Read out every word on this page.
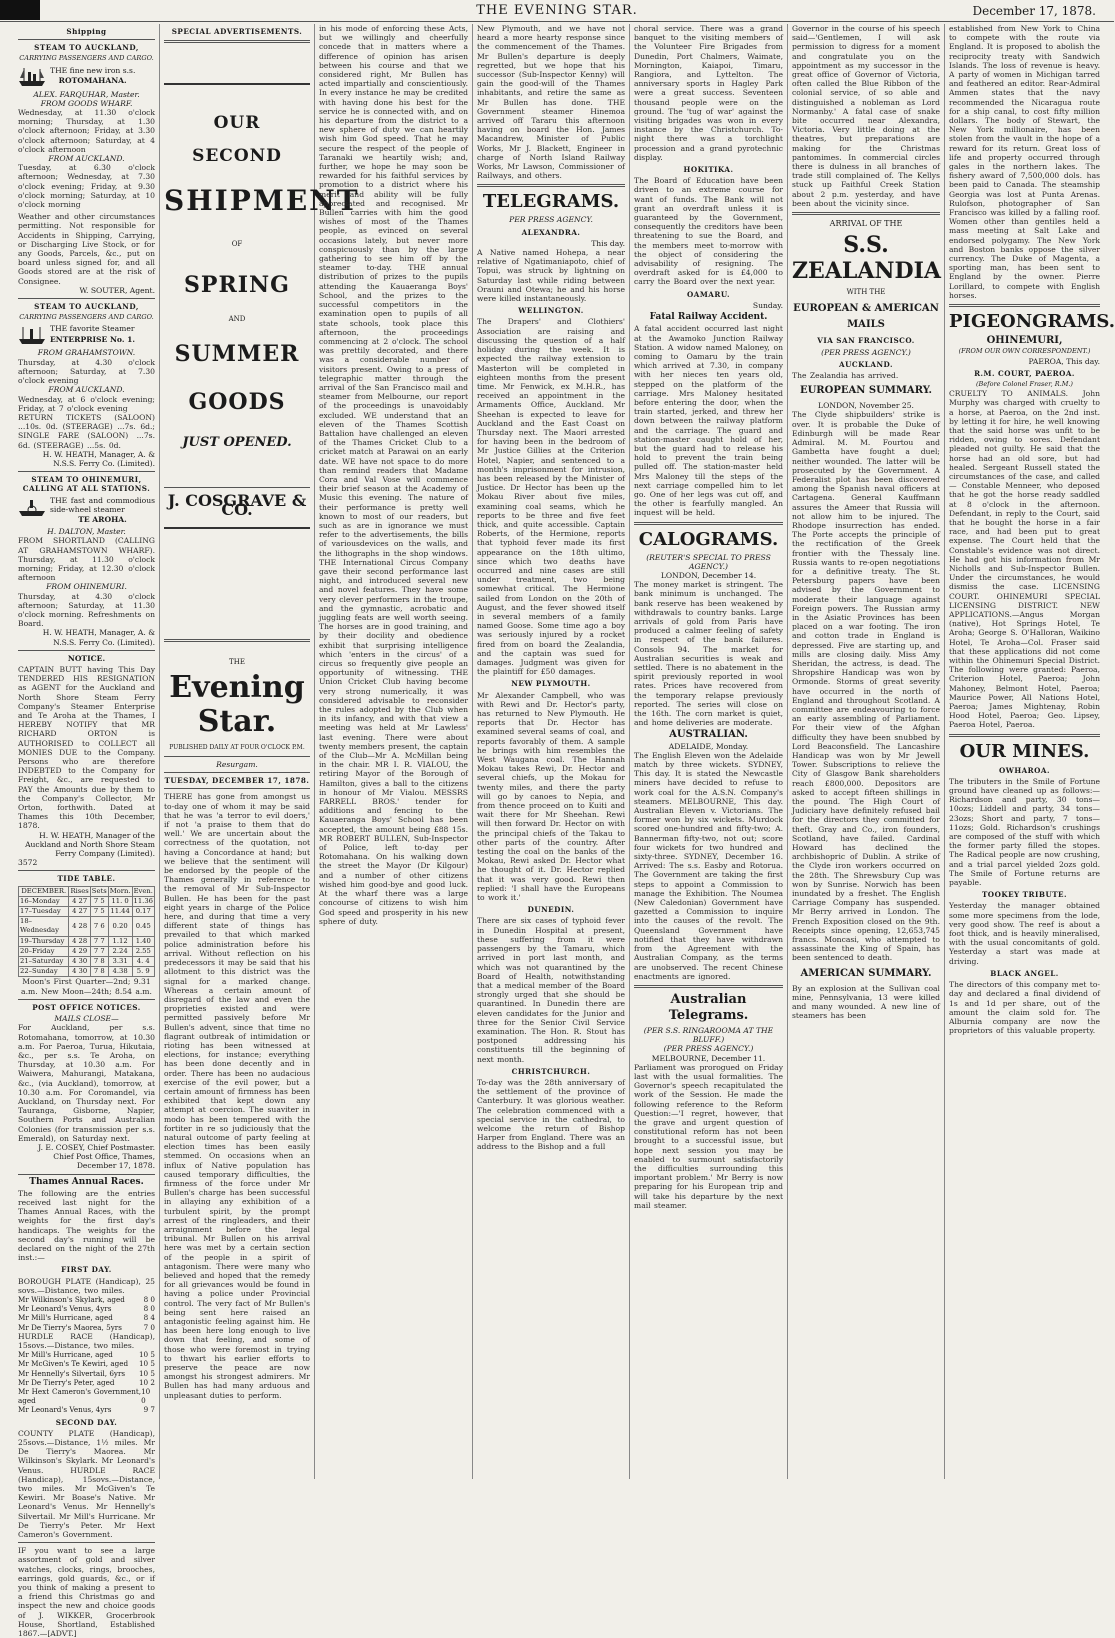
THE EVENING STAR.	December 17, 1878.
Shipping
STEAM TO AUCKLAND,
CARRYING PASSENGERS AND CARGO.
THE fine new iron s.s.
ROTOMAHANA.
ALEX. FARQUHAR, Master.
FROM GOODS WHARF.
Wednesday, at 11.30 o'clock morning; Thursday, at 1.30 o'clock afternoon; Friday, at 3.30 o'clock afternoon; Saturday, at 4 o'clock afternoon
FROM AUCKLAND.
Tuesday, at 6.30 o'clock afternoon; Wednesday, at 7.30 o'clock evening; Friday, at 9.30 o'clock morning; Saturday, at 10 o'clock morning
Weather and other circumstances permitting. Not responsible for Accidents in Shipping, Carrying, or Discharging Live Stock, or for any Goods, Parcels, &c., put on board unless signed for, and all Goods stored are at the risk of Consignee.
W. SOUTER, Agent.
STEAM TO AUCKLAND,
CARRYING PASSENGERS AND CARGO.
THE favorite Steamer
ENTERPRISE No. 1.
FROM GRAHAMSTOWN.
Thursday, at 4.30 o'clock afternoon; Saturday, at 7.30 o'clock evening
FROM AUCKLAND.
Wednesday, at 6 o'clock evening; Friday, at 7 o'clock evening
RETURN TICKETS (SALOON) ...10s. 0d. (STEERAGE) ...7s. 6d.; SINGLE FARE (SALOON) ...7s. 6d. (STEERAGE) ...5s. 0d.
H. W. HEATH, Manager, A. & N.S.S. Ferry Co. (Limited).
STEAM TO OHINEMURI, CALLING AT ALL STATIONS.
THE fast and commodious side-wheel steamer
TE AROHA.
H. DALTON, Master.
FROM SHORTLAND (CALLING AT GRAHAMSTOWN WHARF). Thursday, at 11.30 o'clock morning; Friday, at 12.30 o'clock afternoon
FROM OHINEMURI.
Thursday, at 4.30 o'clock afternoon; Saturday, at 11.30 o'clock morning. Refreshments on Board.
H. W. HEATH, Manager, A. & N.S.S. Ferry Co. (Limited).
NOTICE.
CAPTAIN BUTT having This Day TENDERED HIS RESIGNATION as AGENT for the Auckland and North Shore Steam Ferry Company's Steamer Enterprise and Te Aroha at the Thames, I HEREBY NOTIFY that MR RICHARD ORTON is AUTHORISED to COLLECT all MONIES DUE to the Company. Persons who are therefore INDEBTED to the Company for Freight, &c., are requested to PAY the Amounts due by them to the Company's Collector, Mr Orton, forthwith. Dated at Thames this 10th December, 1878.
H. W. HEATH, Manager of the Auckland and North Shore Steam Ferry Company (Limited).
3572
TIDE TABLE.
DECEMBER.	Rises	Sets	Morn.	Even.
16–Monday	4 27	7 5	11. 0	11.36
17–Tuesday	4 27	7 5	11.44	0.17
18–Wednesday	4 28	7 6	0.20	0.45
19–Thursday	4 28	7 7	1.12	1.40
20–Friday	4 29	7 7	2.24	2.55
21–Saturday	4 30	7 8	3.31	4. 4
22–Sunday	4 30	7 8	4.38	5. 9
Moon's First Quarter—2nd; 9.31 a.m. New Moon—24th; 8.54 a.m.
POST OFFICE NOTICES.
MAILS CLOSE—
For Auckland, per s.s. Rotomahana, tomorrow, at 10.30 a.m. For Paeroa, Turua, Hikutaia, &c., per s.s. Te Aroha, on Thursday, at 10.30 a.m. For Waiwera, Mahurangi, Matakana, &c., (via Auckland), tomorrow, at 10.30 a.m. For Coromandel, via Auckland, on Thursday next. For Tauranga, Gisborne, Napier, Southern Ports and Australian Colonies (for transmission per s.s. Emerald), on Saturday next.
J. E. COSEY, Chief Postmaster. Chief Post Office, Thames, December 17, 1878.
Thames Annual Races.
The following are the entries received last night for the Thames Annual Races, with the weights for the first day's handicaps. The weights for the second day's running will be declared on the night of the 27th inst.:—
FIRST DAY.
BOROUGH PLATE (Handicap), 25 sovs.—Distance, two miles.
Mr Wilkinson's Skylark, aged	8 0
Mr Leonard's Venus, 4yrs	8 0
Mr Mill's Hurricane, aged	8 4
Mr De Tierry's Maorea, 5yrs	7 0
HURDLE RACE (Handicap), 15sovs.—Distance, two miles.
Mr Mill's Hurricane, aged	10 5
Mr McGiven's Te Kewiri, aged 10 5
Mr Hennelly's Silvertail, 6yrs 10 5
Mr De Tierry's Peter, aged	10 2
Mr Hext Cameron's Government, aged
10 0
Mr Leonard's Venus, 4yrs	9 7
SECOND DAY.
COUNTY PLATE (Handicap), 25sovs.—Distance, 1½ miles. Mr De Tierry's Maorea. Mr Wilkinson's Skylark. Mr Leonard's Venus. HURDLE RACE (Handicap), 15sovs.—Distance, two miles. Mr McGiven's Te Kewiri. Mr Boase's Native. Mr Leonard's Venus. Mr Hennelly's Silvertail. Mr Mill's Hurricane. Mr De Tierry's Peter. Mr Hext Cameron's Government.
IF you want to see a large assortment of gold and silver watches, clocks, rings, brooches, earrings, gold guards, &c., or if you think of making a present to a friend this Christmas go and inspect the new and choice goods of J. WIKKER, Grocerbrook House, Shortland, Established 1867.—[ADVT.]
SPECIAL ADVERTISEMENTS.
OUR
SECOND
SHIPMENT
OF
SPRING
AND
SUMMER
GOODS
JUST OPENED.
J. COSGRAVE & CO.
THE
Evening Star.
PUBLISHED DAILY AT FOUR O'CLOCK P.M.
Resurgam.
TUESDAY, DECEMBER 17, 1878.
THERE has gone from amongst us to-day one of whom it may be said that he was 'a terror to evil doers,' if not 'a praise to them that do well.' We are uncertain about the correctness of the quotation, not having a Concordance at hand; but we believe that the sentiment will be endorsed by the people of the Thames generally in reference to the removal of Mr Sub-Inspector Bullen. He has been for the past eight years in charge of the Police here, and during that time a very different state of things has prevailed to that which marked police administration before his arrival. Without reflection on his predecessors it may be said that his allotment to this district was the signal for a marked change. Whereas a certain amount of disregard of the law and even the proprieties existed and were permitted passively before Mr Bullen's advent, since that time no flagrant outbreak of intimidation or rioting has been witnessed at elections, for instance; everything has been done decently and in order. There has been no audacious exercise of the evil power, but a certain amount of firmness has been exhibited that kept down any attempt at coercion. The suaviter in modo has been tempered with the fortiter in re so judiciously that the natural outcome of party feeling at election times has been easily stemmed. On occasions when an influx of Native population has caused temporary difficulties, the firmness of the force under Mr Bullen's charge has been successful in allaying any exhibition of a turbulent spirit, by the prompt arrest of the ringleaders, and their arraignment before the legal tribunal. Mr Bullen on his arrival here was met by a certain section of the people in a spirit of antagonism. There were many who believed and hoped that the remedy for all grievances would be found in having a police under Provincial control. The very fact of Mr Bullen's being sent here raised an antagonistic feeling against him. He has been here long enough to live down that feeling, and some of those who were foremost in trying to thwart his earlier efforts to preserve the peace are now amongst his strongest admirers. Mr Bullen has had many arduous and unpleasant duties to perform.
in his mode of enforcing these Acts, but we willingly and cheerfully concede that in matters where a difference of opinion has arisen between his course and that we considered right, Mr Bullen has acted impartially and conscientiously. In every instance he may be credited with having done his best for the service he is connected with, and on his departure from the district to a new sphere of duty we can heartily wish him God speed. That he may secure the respect of the people of Taranaki we heartily wish; and, further, we hope he may soon be rewarded for his faithful services by promotion to a district where his merit and ability will be fully appreciated and recognised. Mr Bullen carries with him the good wishes of most of the Thames people, as evinced on several occasions lately, but never more conspicuously than by the large gathering to see him off by the steamer to-day. THE annual distribution of prizes to the pupils attending the Kauaeranga Boys' School, and the prizes to the successful competitors in the examination open to pupils of all state schools, took place this afternoon, the proceedings commencing at 2 o'clock. The school was prettily decorated, and there was a considerable number of visitors present. Owing to a press of telegraphic matter through the arrival of the San Francisco mail and steamer from Melbourne, our report of the proceedings is unavoidably excluded. WE understand that an eleven of the Thames Scottish Battalion have challenged an eleven of the Thames Cricket Club to a cricket match at Parawai on an early date. WE have not space to do more than remind readers that Madame Cora and Val Vose will commence their brief season at the Academy of Music this evening. The nature of their performance is pretty well known to most of our readers, but such as are in ignorance we must refer to the advertisements, the bills of variousdevices on the walls, and the lithographs in the shop windows. THE International Circus Company gave their second performance last night, and introduced several new and novel features. They have some very clever performers in the troupe, and the gymnastic, acrobatic and juggling feats are well worth seeing. The horses are in good training, and by their docility and obedience exhibit that surprising intelligence which 'enters in the circus' of a circus so frequently give people an opportunity of witnessing. THE Union Cricket Club having become very strong numerically, it was considered advisable to reconsider the rules adopted by the Club when in its infancy, and with that view a meeting was held at Mr Lawless' last evening. There were about twenty members present, the captain of the Club—Mr A. McMillan being in the chair. MR I. R. VIALOU, the retiring Mayor of the Borough of Hamilton, gives a ball to the citizens in honour of Mr Vialou. MESSRS FARRELL BROS.' tender for additions and fencing to the Kauaeranga Boys' School has been accepted, the amount being £88 15s. MR ROBERT BULLEN, Sub-Inspector of Police, left to-day per Rotomahana. On his walking down the street the Mayor (Dr Kilgour) and a number of other citizens wished him good-bye and good luck. At the wharf there was a large concourse of citizens to wish him God speed and prosperity in his new sphere of duty.
New Plymouth, and we have not heard a more hearty response since the commencement of the Thames. Mr Bullen's departure is deeply regretted, but we hope that his successor (Sub-Inspector Kenny) will gain the good-will of the Thames inhabitants, and retire the same as Mr Bullen has done. THE Government steamer Hinemoa arrived off Tararu this afternoon having on board the Hon. James Macandrew, Minister of Public Works, Mr J. Blackett, Engineer in charge of North Island Railway Works, Mr Lawson, Commissioner of Railways, and others.
TELEGRAMS.
PER PRESS AGENCY.
ALEXANDRA.
This day.
A Native named Hohepa, a near relative of Ngatimaniapoto, chief of Topui, was struck by lightning on Saturday last while riding between Orauni and Otewa; he and his horse were killed instantaneously.
WELLINGTON.
The Drapers' and Clothiers' Association are raising and discussing the question of a half holiday during the week. It is expected the railway extension to Masterton will be completed in eighteen months from the present time. Mr Fenwick, ex M.H.R., has received an appointment in the Armaments Office, Auckland. Mr Sheehan is expected to leave for Auckland and the East Coast on Thursday next. The Maori arrested for having been in the bedroom of Mr Justice Gillies at the Criterion Hotel, Napier, and sentenced to a month's imprisonment for intrusion, has been released by the Minister of Justice. Dr Hector has been up the Mokau River about five miles, examining coal seams, which he reports to be three and five feet thick, and quite accessible. Captain Roberts, of the Hermione, reports that typhoid fever made its first appearance on the 18th ultimo, since which two deaths have occurred and nine cases are still under treatment, two being somewhat critical. The Hermione sailed from London on the 20th of August, and the fever showed itself in several members of a family named Goose. Some time ago a boy was seriously injured by a rocket fired from on board the Zealandia, and the captain was sued for damages. Judgment was given for the plaintiff for £50 damages.
NEW PLYMOUTH.
Mr Alexander Campbell, who was with Rewi and Dr. Hector's party, has returned to New Plymouth. He reports that Dr. Hector has examined several seams of coal, and reports favorably of them. A sample he brings with him resembles the West Waugana coal. The Hannah Mokau takes Rewi, Dr. Hector and several chiefs, up the Mokau for twenty miles, and there the party will go by canoes to Nepia, and from thence proceed on to Kuiti and wait there for Mr Sheehan. Rewi will then forward Dr. Hector on with the principal chiefs of the Takau to other parts of the country. After testing the coal on the banks of the Mokau, Rewi asked Dr. Hector what he thought of it. Dr. Hector replied that it was very good. Rewi then replied: 'I shall have the Europeans to work it.'
DUNEDIN.
There are six cases of typhoid fever in Dunedin Hospital at present, these suffering from it were passengers by the Tamaru, which arrived in port last month, and which was not quarantined by the Board of Health, notwithstanding that a medical member of the Board strongly urged that she should be quarantined. In Dunedin there are eleven candidates for the Junior and three for the Senior Civil Service examination. The Hon. R. Stout has postponed addressing his constituents till the beginning of next month.
CHRISTCHURCH.
To-day was the 28th anniversary of the settlement of the province of Canterbury. It was glorious weather. The celebration commenced with a special service in the cathedral, to welcome the return of Bishop Harper from England. There was an address to the Bishop and a full
choral service. There was a grand banquet to the visiting members of the Volunteer Fire Brigades from Dunedin, Port Chalmers, Waimate, Mornington, Kaiapoi, Timaru, Rangiora, and Lyttelton. The anniversary sports in Hagley Park were a great success. Seventeen thousand people were on the ground. The 'tug of war' against the visiting brigades was won in every instance by the Christchurch. To-night there was a torchlight procession and a grand pyrotechnic display.
HOKITIKA.
The Board of Education have been driven to an extreme course for want of funds. The Bank will not grant an overdraft unless it is guaranteed by the Government, consequently the creditors have been threatening to sue the Board, and the members meet to-morrow with the object of considering the advisability of resigning. The overdraft asked for is £4,000 to carry the Board over the next year.
OAMARU.
Sunday.
Fatal Railway Accident.
A fatal accident occurred last night at the Awamoko Junction Railway Station. A widow named Maloney, on coming to Oamaru by the train which arrived at 7.30, in company with her nieces ten years old, stepped on the platform of the carriage. Mrs Maloney hesitated before entering the door, when the train started, jerked, and threw her down between the railway platform and the carriage. The guard and station-master caught hold of her, but the guard had to release his hold to prevent the train being pulled off. The station-master held Mrs Maloney till the steps of the next carriage compelled him to let go. One of her legs was cut off, and the other is fearfully mangled. An inquest will be held.
CALOGRAMS.
(REUTER'S SPECIAL TO PRESS AGENCY.)
LONDON, December 14.
The money market is stringent. The bank minimum is unchanged. The bank reserve has been weakened by withdrawals to country banks. Large arrivals of gold from Paris have produced a calmer feeling of safety in respect of the bank failures. Consols 94. The market for Australian securities is weak and settled. There is no abatement in the spirit previously reported in wool rates. Prices have recovered from the temporary relapse previously reported. The series will close on the 16th. The corn market is quiet, and home deliveries are moderate.
AUSTRALIAN.
ADELAIDE, Monday.
The English Eleven won the Adelaide match by three wickets. SYDNEY, This day. It is stated the Newcastle miners have decided to refuse to work coal for the A.S.N. Company's steamers. MELBOURNE, This day. Australian Eleven v. Victorians. The former won by six wickets. Murdock scored one-hundred and fifty-two; A. Bannerman fifty-two, not out; score four wickets for two hundred and sixty-three. SYDNEY, December 16. Arrived: The s.s. Easby and Rotorua. The Government are taking the first steps to appoint a Commission to manage the Exhibition. The Noumea (New Caledonian) Government have gazetted a Commission to inquire into the causes of the revolt. The Queensland Government have notified that they have withdrawn from the Agreement with the Australian Company, as the terms are unobserved. The recent Chinese enactments are ignored.
Australian Telegrams.
(PER S.S. RINGAROOMA AT THE BLUFF.)
(PER PRESS AGENCY.)
MELBOURNE, December 11.
Parliament was prorogued on Friday last with the usual formalities. The Governor's speech recapitulated the work of the Session. He made the following reference to the Reform Question:—'I regret, however, that the grave and urgent question of constitutional reform has not been brought to a successful issue, but hope next session you may be enabled to surmount satisfactorily the difficulties surrounding this important problem.' Mr Berry is now preparing for his European trip and will take his departure by the next mail steamer.
Governor in the course of his speech said—'Gentlemen, I will ask permission to digress for a moment and congratulate you on the appointment as my successor in the great office of Governor of Victoria, often called the Blue Ribbon of the colonial service, of so able and distinguished a nobleman as Lord Normanby.' A fatal case of snake bite occurred near Alexandra, Victoria. Very little doing at the theatres, but preparations are making for the Christmas pantomimes. In commercial circles there is dulness in all branches of trade still complained of. The Kellys stuck up Faithful Creek Station about 2 p.m. yesterday, and have been about the vicinity since.
ARRIVAL OF THE
S.S. ZEALANDIA
WITH THE
EUROPEAN & AMERICAN MAILS
VIA SAN FRANCISCO.
(PER PRESS AGENCY.)
AUCKLAND.
The Zealandia has arrived.
EUROPEAN SUMMARY.
LONDON, November 25.
The Clyde shipbuilders' strike is over. It is probable the Duke of Edinburgh will be made Rear Admiral. M. M. Fourtou and Gambetta have fought a duel; neither wounded. The latter will be prosecuted by the Government. A Federalist plot has been discovered among the Spanish naval officers at Cartagena. General Kauffmann assures the Ameer that Russia will not allow him to be injured. The Rhodope insurrection has ended. The Porte accepts the principle of the rectification of the Greek frontier with the Thessaly line. Russia wants to re-open negotiations for a definitive treaty. The St. Petersburg papers have been advised by the Government to moderate their language against Foreign powers. The Russian army in the Asiatic Provinces has been placed on a war footing. The iron and cotton trade in England is depressed. Five are starting up, and mills are closing daily. Miss Amy Sheridan, the actress, is dead. The Shropshire Handicap was won by Ormonde. Storms of great severity have occurred in the north of England and throughout Scotland. A committee are endeavouring to force an early assembling of Parliament. For their view of the Afghan difficulty they have been snubbed by Lord Beaconsfield. The Lancashire Handicap was won by Mr Jewell Tower. Subscriptions to relieve the City of Glasgow Bank shareholders reach £800,000. Depositors are asked to accept fifteen shillings in the pound. The High Court of Judiciary have definitely refused bail for the directors they committed for theft. Gray and Co., iron founders, Scotland, have failed. Cardinal Howard has declined the archbishopric of Dublin. A strike of the Clyde iron workers occurred on the 28th. The Shrewsbury Cup was won by Sunrise. Norwich has been inundated by a freshet. The English Carriage Company has suspended. Mr Berry arrived in London. The French Exposition closed on the 9th. Receipts since opening, 12,653,745 francs. Moncasi, who attempted to assassinate the King of Spain, has been sentenced to death.
AMERICAN SUMMARY.
By an explosion at the Sullivan coal mine, Pennsylvania, 13 were killed and many wounded. A new line of steamers has been
established from New York to China to compete with the route via England. It is proposed to abolish the reciprocity treaty with Sandwich Islands. The loss of revenue is heavy. A party of women in Michigan tarred and feathered an editor. Rear-Admiral Ammen states that the navy recommended the Nicaragua route for a ship canal, to cost fifty million dollars. The body of Stewart, the New York millionaire, has been stolen from the vault in the hope of a reward for its return. Great loss of life and property occurred through gales in the northern lakes. The fishery award of 7,500,000 dols. has been paid to Canada. The steamship Georgia was lost at Punta Arenas. Rulofson, photographer of San Francisco was killed by a falling roof. Women other than gentiles held a mass meeting at Salt Lake and endorsed polygamy. The New York and Boston banks oppose the silver currency. The Duke of Magenta, a sporting man, has been sent to England by the owner. Pierre Lorillard, to compete with English horses.
PIGEONGRAMS.
OHINEMURI,
(FROM OUR OWN CORRESPONDENT.)
PAEROA, This day.
R.M. COURT, PAEROA.
(Before Colonel Fraser, R.M.)
CRUELTY TO ANIMALS. John Murphy was charged with cruelty to a horse, at Paeroa, on the 2nd inst. by letting it for hire, he well knowing that the said horse was unfit to be ridden, owing to sores. Defendant pleaded not guilty. He said that the horse had an old sore, but had healed. Sergeant Russell stated the circumstances of the case, and called— Constable Menneer, who deposed that he got the horse ready saddled at 8 o'clock in the afternoon. Defendant, in reply to the Court, said that he bought the horse in a fair race, and had been put to great expense. The Court held that the Constable's evidence was not direct. He had got his information from Mr Nicholls and Sub-Inspector Bullen. Under the circumstances, he would dismiss the case. LICENSING COURT. OHINEMURI SPECIAL LICENSING DISTRICT. NEW APPLICATIONS.—Angus Morgan (native), Hot Springs Hotel, Te Aroha; George S. O'Halloran, Waikino Hotel, Te Aroha—Col. Fraser said that these applications did not come within the Ohinemuri Special District. The following were granted: Paeroa, Criterion Hotel, Paeroa; John Mahoney, Belmont Hotel, Paeroa; Maurice Power, All Nations Hotel, Paeroa; James Mightenay, Robin Hood Hotel, Paeroa; Geo. Lipsey, Paeroa Hotel, Paeroa.
OUR MINES.
OWHAROA.
The tributers in the Smile of Fortune ground have cleaned up as follows:— Richardson and party, 30 tons—10ozs; Liddell and party, 34 tons—23ozs; Short and party, 7 tons—11ozs; Gold. Richardson's crushings are composed of the stuff with which the former party filled the stopes. The Radical people are now crushing, and a trial parcel yielded 2ozs gold. The Smile of Fortune returns are payable.
TOOKEY TRIBUTE.
Yesterday the manager obtained some more specimens from the lode, very good show. The reef is about a foot thick, and is heavily mineralised, with the usual concomitants of gold. Yesterday a start was made at driving.
BLACK ANGEL.
The directors of this company met to-day and declared a final dividend of 1s and 1d per share, out of the amount the claim sold for. The Alburnia company are now the proprietors of this valuable property.
